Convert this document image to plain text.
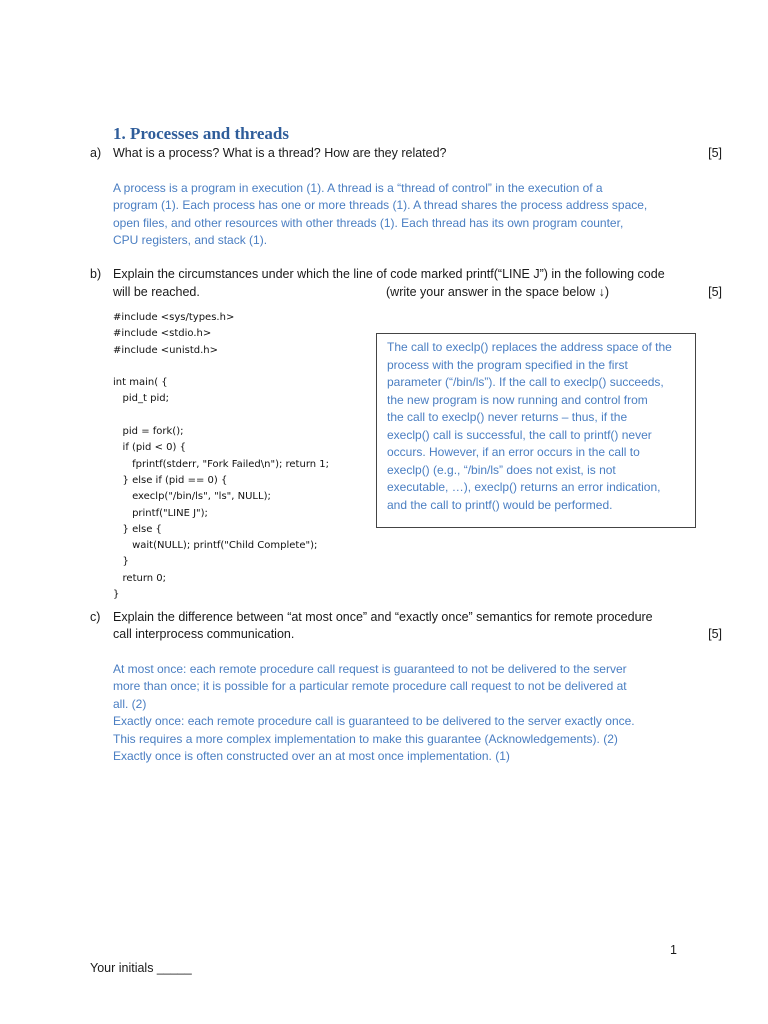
1. Processes and threads
a) What is a process? What is a thread? How are they related?	[5]

A process is a program in execution (1). A thread is a “thread of control” in the execution of a

program (1). Each process has one or more threads (1). A thread shares the process address space,

open files, and other resources with other threads (1). Each thread has its own program counter,

CPU registers, and stack (1).

b) Explain the circumstances under which the line of code marked printf(“LINE J”) in the following code
will be reached.	(write your answer in the space below ↓)	[5]
#include <sys/types.h>
#include <stdio.h>
#include <unistd.h>

int main( {
pid_t pid;

pid = fork();
if (pid < 0) {
fprintf(stderr, "Fork Failed\n"); return 1;
} else if (pid == 0) {
execlp("/bin/ls", "ls", NULL);
printf("LINE J");
} else {
wait(NULL); printf("Child Complete");
}
return 0;
}

The call to execlp() replaces the address space of the

process with the program specified in the first

parameter (“/bin/ls”). If the call to execlp() succeeds,

the new program is now running and control from

the call to execlp() never returns – thus, if the

execlp() call is successful, the call to printf() never

occurs. However, if an error occurs in the call to

execlp() (e.g., “/bin/ls” does not exist, is not

executable, …), execlp() returns an error indication,

and the call to printf() would be performed.

c) Explain the difference between “at most once” and “exactly once” semantics for remote procedure
call interprocess communication.	[5]

At most once: each remote procedure call request is guaranteed to not be delivered to the server

more than once; it is possible for a particular remote procedure call request to not be delivered at

all. (2)

Exactly once: each remote procedure call is guaranteed to be delivered to the server exactly once.

This requires a more complex implementation to make this guarantee (Acknowledgements). (2)

Exactly once is often constructed over an at most once implementation. (1)

1
Your initials _____
